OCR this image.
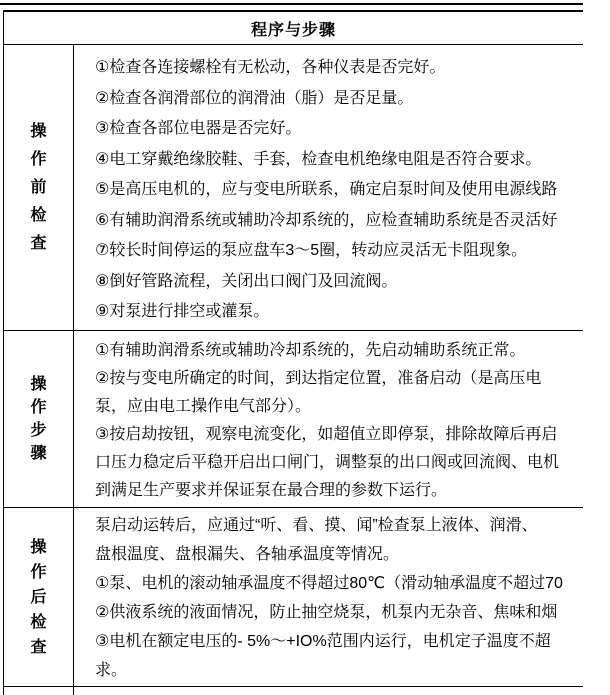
程序与步骤
操作前检查
①检查各连接螺栓有无松动，各种仪表是否完好。
②检查各润滑部位的润滑油（脂）是否足量。
③检查各部位电器是否完好。
④电工穿戴绝缘胶鞋、手套，检查电机绝缘电阻是否符合要求。
⑤是高压电机的，应与变电所联系，确定启泵时间及使用电源线路
⑥有辅助润滑系统或辅助冷却系统的，应检查辅助系统是否灵活好
⑦较长时间停运的泵应盘车3～5圈，转动应灵活无卡阻现象。
⑧倒好管路流程，关闭出口阀门及回流阀。
⑨对泵进行排空或灌泵。
操作步骤
①有辅助润滑系统或辅助冷却系统的，先启动辅助系统正常。
②按与变电所确定的时间，到达指定位置，准备启动（是高压电
泵，应由电工操作电气部分）。
③按启劫按钮，观察电流变化，如超值立即停泵，排除故障后再启
口压力稳定后平稳开启出口闸门，调整泵的出口阀或回流阀、电机
到满足生产要求并保证泵在最合理的参数下运行。
操作后检查
泵启动运转后，应通过“听、看、摸、闻”检查泵上液体、润滑、
盘根温度、盘根漏失、各轴承温度等情况。
①泵、电机的滚动轴承温度不得超过80℃（滑动轴承温度不超过70
②供液系统的液面情况，防止抽空烧泵，机泵内无杂音、焦味和烟
③电机在额定电压的- 5%～+IO%范围内运行，电机定子温度不超
求。
